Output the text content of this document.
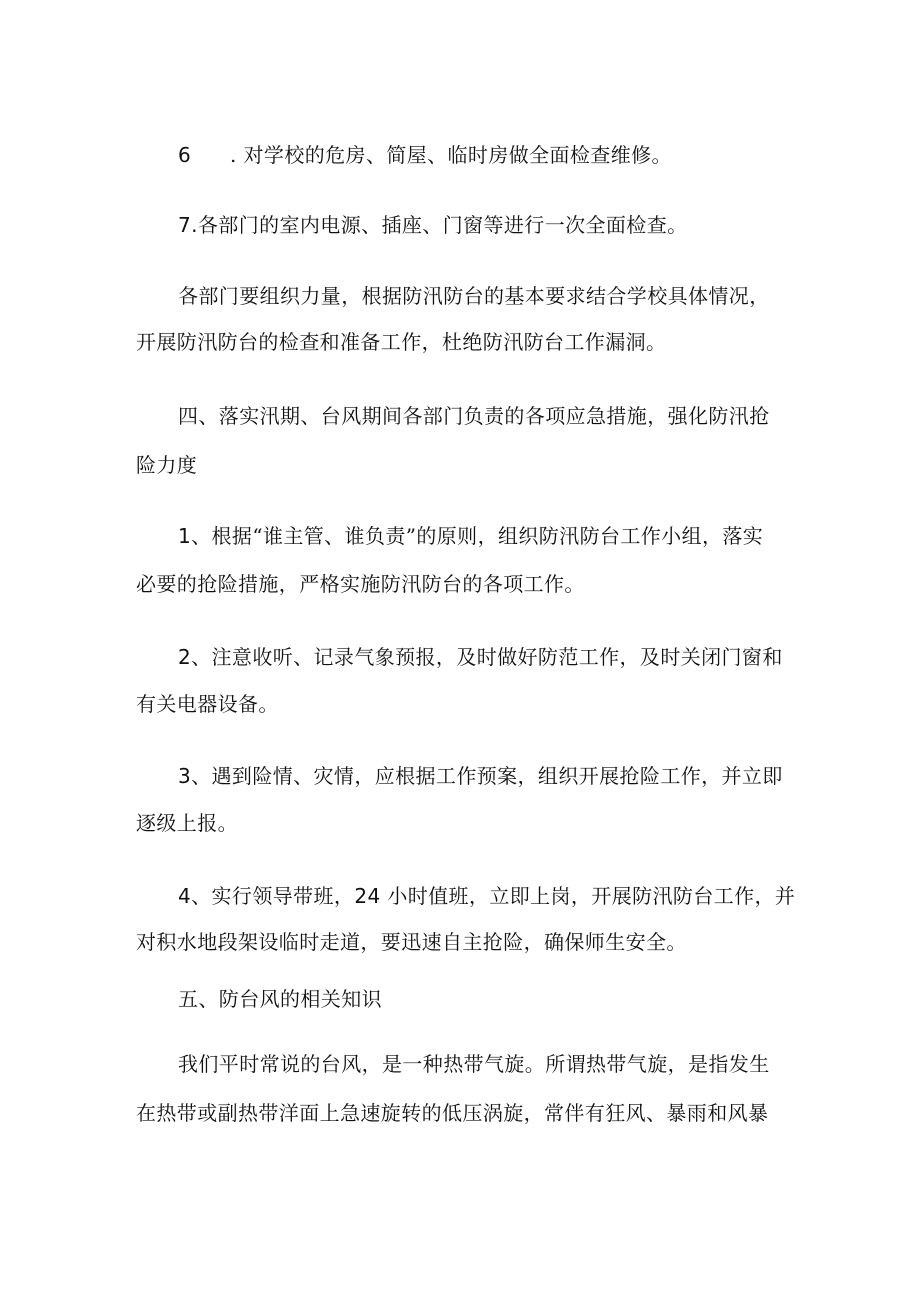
6 . 对学校的危房、简屋、临时房做全面检查维修。
7.各部门的室内电源、插座、门窗等进行一次全面检查。
各部门要组织力量，根据防汛防台的基本要求结合学校具体情况，
开展防汛防台的检查和准备工作，杜绝防汛防台工作漏洞。
四、落实汛期、台风期间各部门负责的各项应急措施，强化防汛抢
险力度
1、根据“谁主管、谁负责”的原则，组织防汛防台工作小组，落实
必要的抢险措施，严格实施防汛防台的各项工作。
2、注意收听、记录气象预报，及时做好防范工作，及时关闭门窗和
有关电器设备。
3、遇到险情、灾情，应根据工作预案，组织开展抢险工作，并立即
逐级上报。
4、实行领导带班，24 小时值班，立即上岗，开展防汛防台工作，并
对积水地段架设临时走道，要迅速自主抢险，确保师生安全。
五、防台风的相关知识
我们平时常说的台风，是一种热带气旋。所谓热带气旋，是指发生
在热带或副热带洋面上急速旋转的低压涡旋，常伴有狂风、暴雨和风暴
